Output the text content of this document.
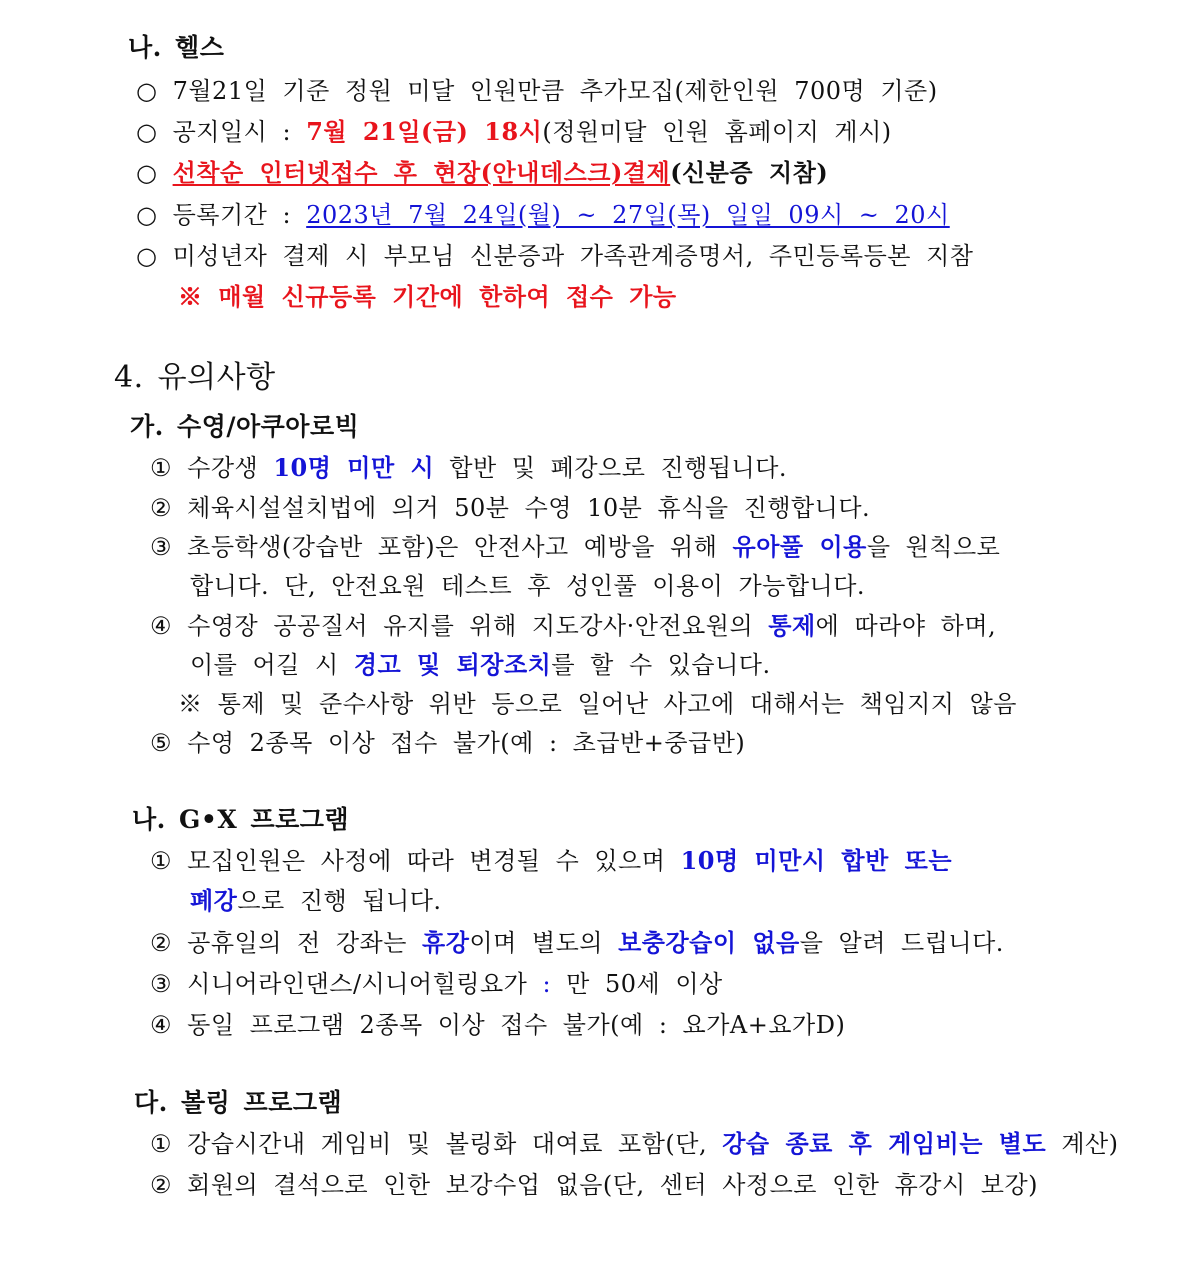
나. 헬스
○ 7월21일 기준 정원 미달 인원만큼 추가모집(제한인원 700명 기준)
○ 공지일시 : 7월 21일(금) 18시(정원미달 인원 홈페이지 게시)
○ 선착순 인터넷접수 후 현장(안내데스크)결제(신분증 지참)
○ 등록기간 : 2023년 7월 24일(월) ~ 27일(목) 일일 09시 ~ 20시
○ 미성년자 결제 시 부모님 신분증과 가족관계증명서, 주민등록등본 지참
※ 매월 신규등록 기간에 한하여 접수 가능
4. 유의사항
가. 수영/아쿠아로빅
① 수강생 10명 미만 시 합반 및 폐강으로 진행됩니다.
② 체육시설설치법에 의거 50분 수영 10분 휴식을 진행합니다.
③ 초등학생(강습반 포함)은 안전사고 예방을 위해 유아풀 이용을 원칙으로
합니다. 단, 안전요원 테스트 후 성인풀 이용이 가능합니다.
④ 수영장 공공질서 유지를 위해 지도강사·안전요원의 통제에 따라야 하며,
이를 어길 시 경고 및 퇴장조치를 할 수 있습니다.
※ 통제 및 준수사항 위반 등으로 일어난 사고에 대해서는 책임지지 않음
⑤ 수영 2종목 이상 접수 불가(예 : 초급반+중급반)
나. G•X 프로그램
① 모집인원은 사정에 따라 변경될 수 있으며 10명 미만시 합반 또는
폐강으로 진행 됩니다.
② 공휴일의 전 강좌는 휴강이며 별도의 보충강습이 없음을 알려 드립니다.
③ 시니어라인댄스/시니어힐링요가 : 만 50세 이상
④ 동일 프로그램 2종목 이상 접수 불가(예 : 요가A+요가D)
다. 볼링 프로그램
① 강습시간내 게임비 및 볼링화 대여료 포함(단, 강습 종료 후 게임비는 별도 계산)
② 회원의 결석으로 인한 보강수업 없음(단, 센터 사정으로 인한 휴강시 보강)
